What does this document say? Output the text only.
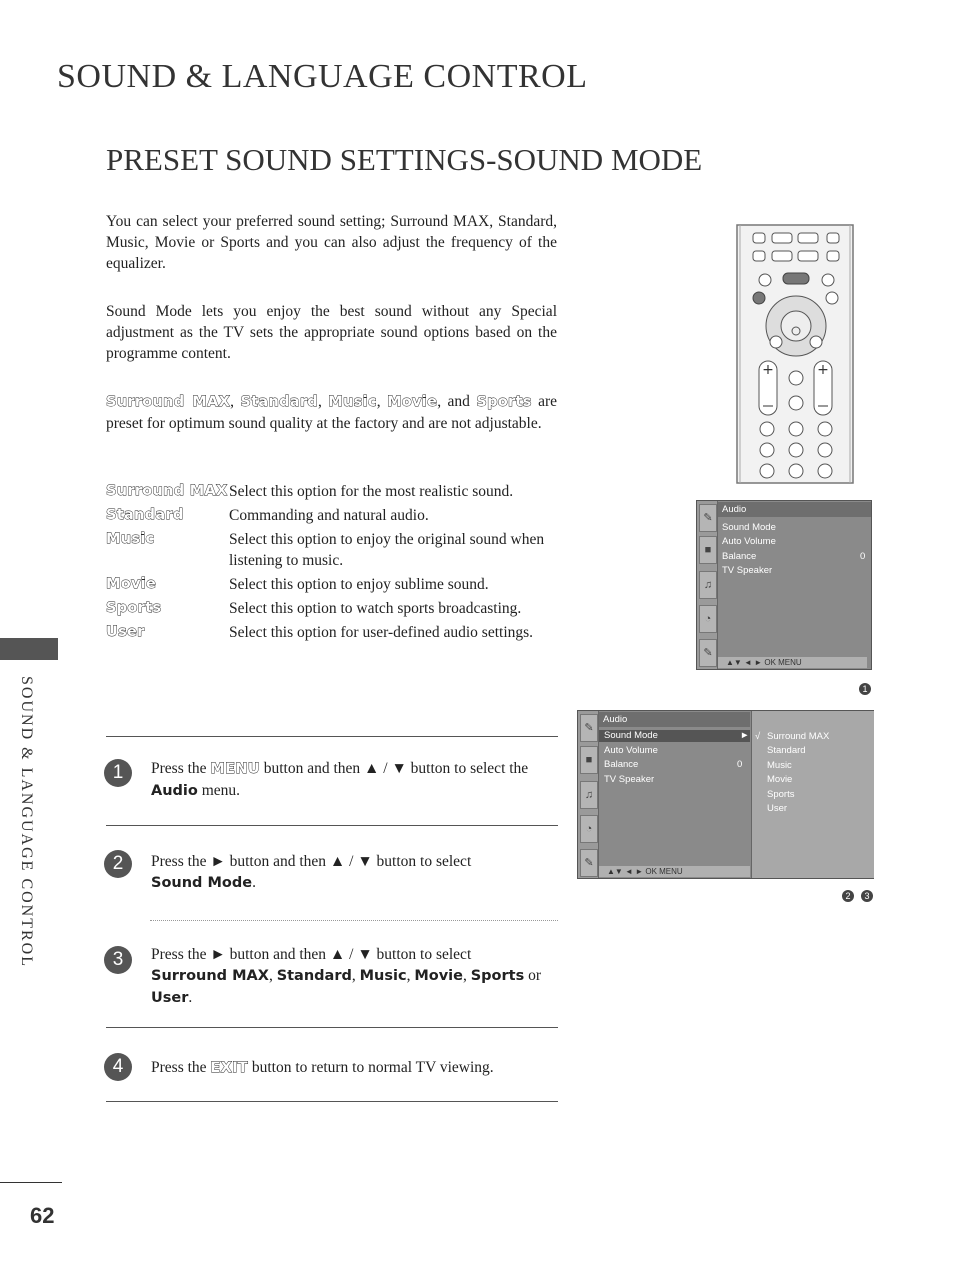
SOUND & LANGUAGE CONTROL
PRESET SOUND SETTINGS-SOUND MODE

You can select your preferred sound setting; Surround MAX, Standard, Music, Movie or Sports and you can also adjust the frequency of the equalizer.

Sound Mode lets you enjoy the best sound without any Special adjustment as the TV sets the appropriate sound options based on the programme content.

Surround MAX, Standard, Music, Movie, and Sports are preset for optimum sound quality at the factory and are not adjustable.

Surround MAX Select this option for the most realistic sound.
Standard	Commanding and natural audio.
Music	Select this option to enjoy the original sound when listening to music.
Movie	Select this option to enjoy sublime sound.
Sports	Select this option to watch sports broadcasting.
User	Select this option for user-defined audio settings.
SOUND & LANGUAGE CONTROL
+	+
✎
■
♫
◔
✎
Audio
Sound Mode
Auto Volume
Balance	0
TV Speaker
▲▼ ◄ ► OK MENU
1
✎
■
♫
◔
✎
Audio
Sound Mode	►
Auto Volume
Balance	0
TV Speaker
▲▼ ◄ ► OK MENU
√ Surround MAX
Standard
Music
Movie
Sports
User
2	3
1	Press the MENU button and then ▲ / ▼ button to select the Audio menu.
2	Press the ► button and then ▲ / ▼ button to select
Sound Mode.
3	Press the ► button and then ▲ / ▼ button to select
Surround MAX, Standard, Music, Movie, Sports or
User.
4	Press the EXIT button to return to normal TV viewing.
62
